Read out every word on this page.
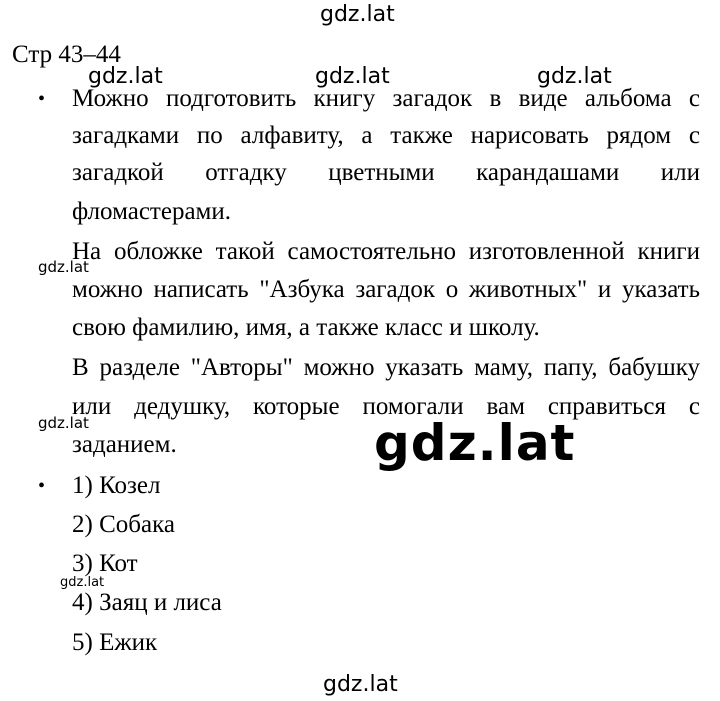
Стр 43–44
• Можно подготовить книгу загадок в виде альбома с
загадками по алфавиту, а также нарисовать рядом с
загадкой отгадку цветными карандашами или
фломастерами.
На обложке такой самостоятельно изготовленной книги
можно написать "Азбука загадок о животных" и указать
свою фамилию, имя, а также класс и школу.
В разделе "Авторы" можно указать маму, папу, бабушку
или дедушку, которые помогали вам справиться с
заданием.
• 1) Козел
2) Собака
3) Кот
4) Заяц и лиса
5) Ежик
gdz.lat
gdz.lat	gdz.lat	gdz.lat
gdz.lat
gdz.lat	gdz.lat
gdz.lat
gdz.lat
